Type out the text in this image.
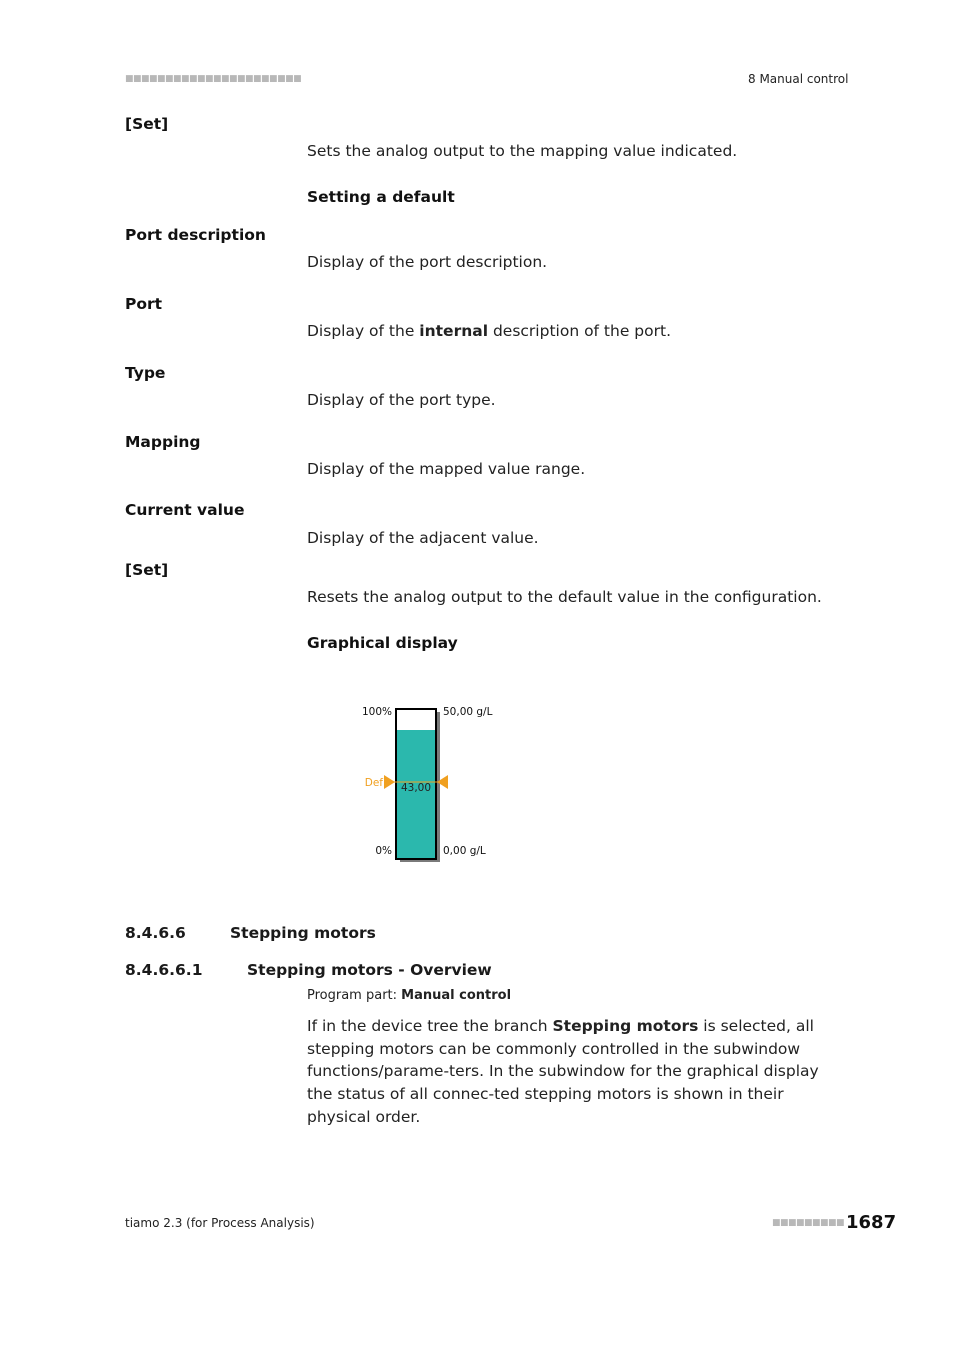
■■■■■■■■■■■■■■■■■■■■■■	8 Manual control
[Set]
Sets the analog output to the mapping value indicated.
Setting a default
Port description
Display of the port description.
Port
Display of the internal description of the port.
Type
Display of the port type.
Mapping
Display of the mapped value range.
Current value
Display of the adjacent value.
[Set]
Resets the analog output to the default value in the configuration.
Graphical display
100%
0%
50,00 g/L
0,00 g/L
Def 43,00
8.4.6.6	Stepping motors
8.4.6.6.1	Stepping motors - Overview
Program part: Manual control
If in the device tree the branch Stepping motors is selected, all stepping motors can be commonly controlled in the subwindow functions/parame-ters. In the subwindow for the graphical display the status of all connec-ted stepping motors is shown in their physical order.
tiamo 2.3 (for Process Analysis)	■■■■■■■■■ 1687
